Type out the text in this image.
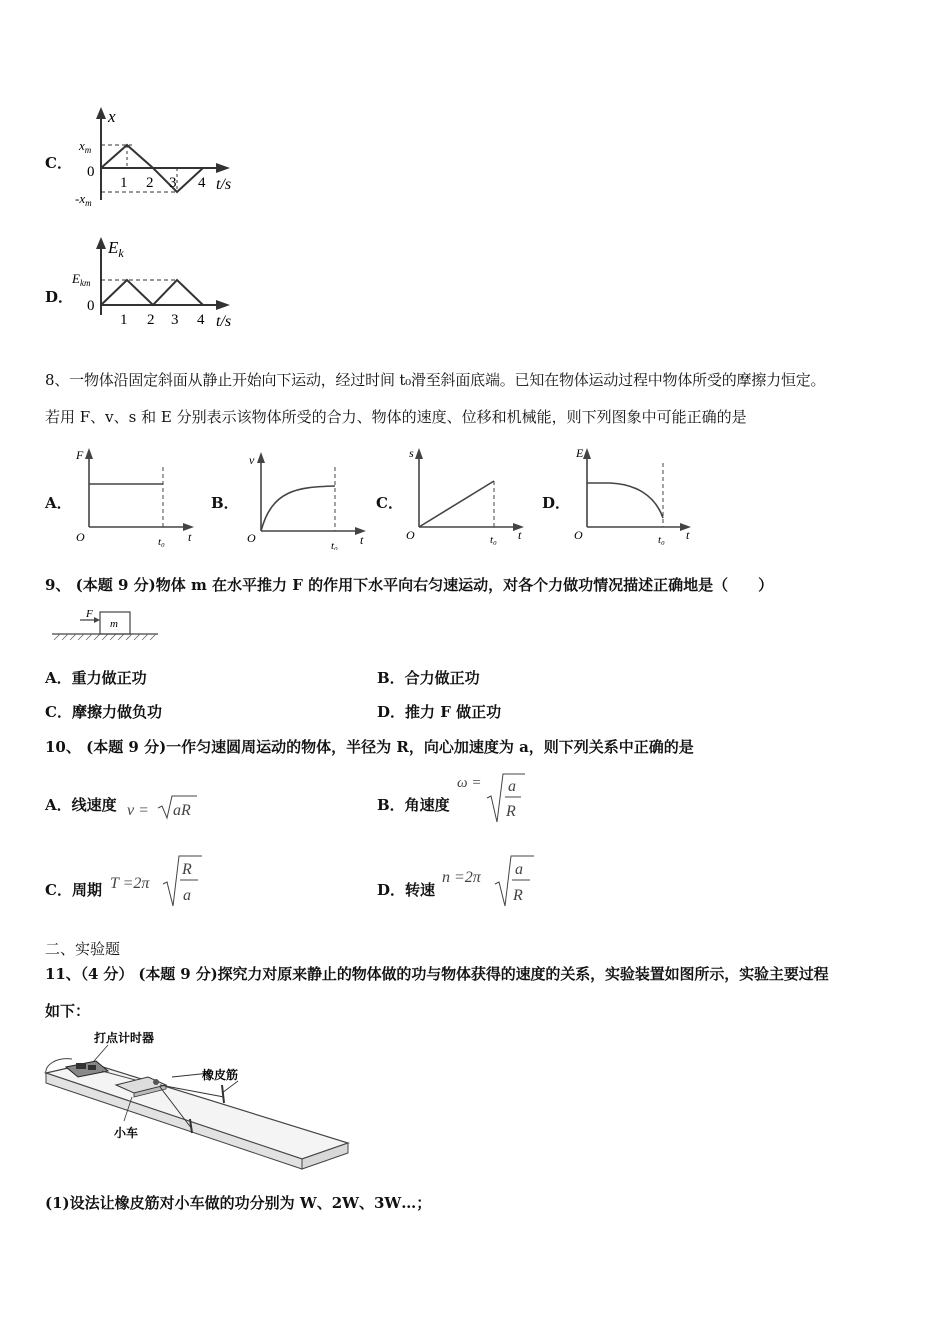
C．
x
$x_m$
0
$-x_m$
1 2 3 4 t/s
D．
$E_k$
$E_{km}$
0
1 2 3 4 t/s
8、一物体沿固定斜面从静止开始向下运动，经过时间 t₀滑至斜面底端。已知在物体运动过程中物体所受的摩擦力恒定。
若用 F、v、s 和 E 分别表示该物体所受的合力、物体的速度、位移和机械能，则下列图象中可能正确的是
A．
F
O	t₀ t
B．
v
O
t₀ t
C．
s
O	t₀ t
D．
E
O	t₀ t
9、 (本题 9 分)物体 m 在水平推力 F 的作用下水平向右匀速运动，对各个力做功情况描述正确地是（　　）
F
m
A．重力做正功	B．合力做正功
C．摩擦力做负功	D．推力 F 做正功
10、 (本题 9 分)一作匀速圆周运动的物体，半径为 R，向心加速度为 a，则下列关系中正确的是
A．线速度 v = aR	B．角速度
ω = a
R
C．周期 T =2π
R
a	D．转速
n =2π a
R
二、实验题
11、（4 分） (本题 9 分)探究力对原来静止的物体做的功与物体获得的速度的关系，实验装置如图所示，实验主要过程
如下：
打点计时器
橡皮筋
小车
(1)设法让橡皮筋对小车做的功分别为 W、2W、3W…；
